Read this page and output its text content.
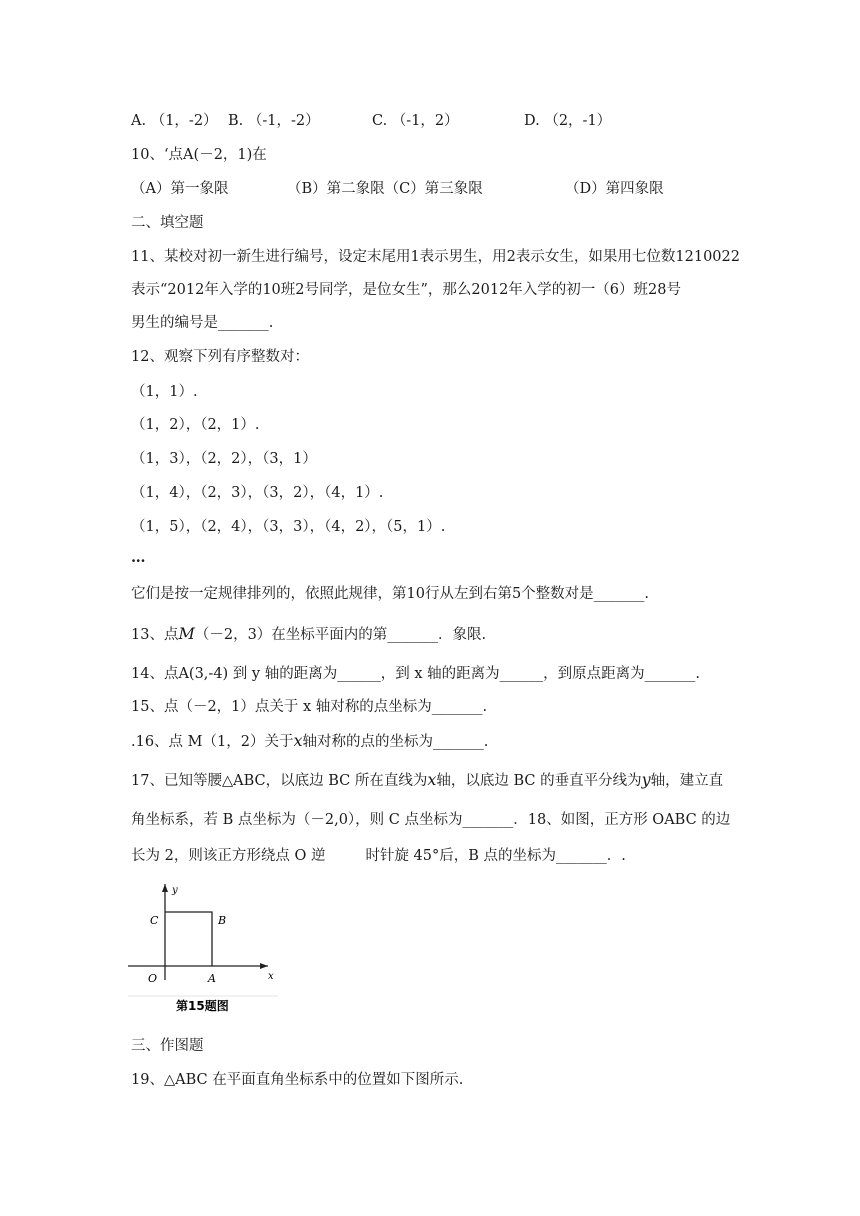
A. （1，-2） B. （-1，-2）	C. （-1，2）	D. （2，-1）
10、‘点A(－2，1)在
（A）第一象限	（B）第二象限（C）第三象限	（D）第四象限
二、填空题
11、某校对初一新生进行编号，设定末尾用1表示男生，用2表示女生，如果用七位数1210022
表示“2012年入学的10班2号同学，是位女生”，那么2012年入学的初一（6）班28号
男生的编号是_______.
12、观察下列有序整数对：
（1，1）.
（1，2），（2，1）.
（1，3），（2，2），（3，1）
（1，4），（2，3），（3，2），（4，1）.
（1，5），（2，4），（3，3），（4，2），（5，1）.
…
它们是按一定规律排列的，依照此规律，第10行从左到右第5个整数对是_______.
13、点M（－2，3）在坐标平面内的第_______．象限.
14、点A(3,-4) 到 y 轴的距离为______，到 x 轴的距离为______，到原点距离为_______.
15、点（－2，1）点关于 x 轴对称的点坐标为_______.
.16、点 M（1，2）关于x轴对称的点的坐标为_______.
17、已知等腰△ABC，以底边 BC 所在直线为x轴，以底边 BC 的垂直平分线为y轴，建立直
角坐标系，若 B 点坐标为（－2,0），则 C 点坐标为_______．18、如图，正方形 OABC 的边
长为 2，则该正方形绕点 O 逆	时针旋 45°后，B 点的坐标为_______．.
y
x
C	B
O	A
第15题图
三、作图题
19、△ABC 在平面直角坐标系中的位置如下图所示.
